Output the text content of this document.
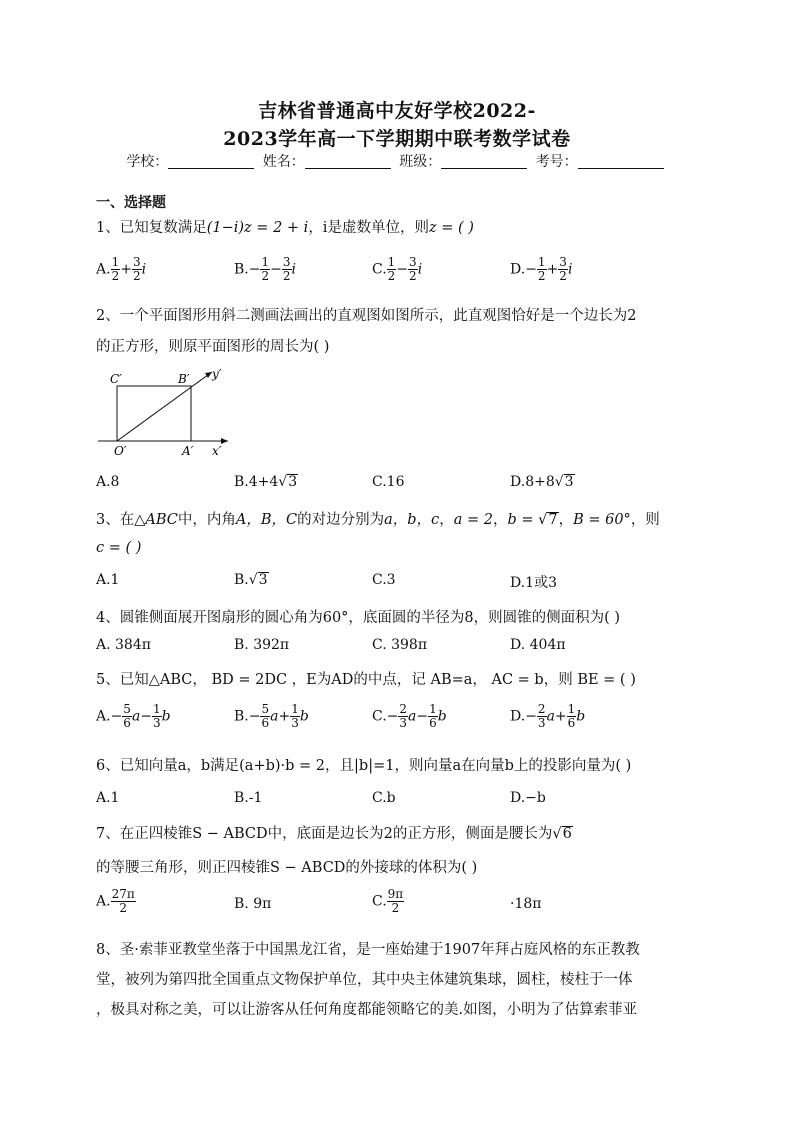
吉林省普通高中友好学校2022-
2023学年高一下学期期中联考数学试卷
学校：	姓名：	班级：	考号：
一、选择题
1、已知复数满足(1−i)z = 2 + i，i是虚数单位，则z = ( )
A. $\frac{1}{2} + \frac{3}{2}$ i	$B.- \frac{1}{2} - \frac{3}{2}$ i	C. $\frac{1}{2} - \frac{3}{2}$ i	$D.- \frac{1}{2} + \frac{3}{2}$ i
2、一个平面图形用斜二测画法画出的直观图如图所示，此直观图恰好是一个边长为2
的正方形，则原平面图形的周长为( )
C′	B′ y′
O′	A′ x′
A.8	B.4+4√3	C.16	D.8+8√3
3、在△ABC中，内角A，B，C的对边分别为a，b，c，a = 2，b = √7，B = 60°，则
c = ( )
A.1	B.√3	C.3	D.1或3
4、圆锥侧面展开图扇形的圆心角为60°，底面圆的半径为8，则圆锥的侧面积为( )
A. 384π	B. 392π	C. 398π	D. 404π
5、已知△ABC， BD = 2DC ，E为AD的中点，记 AB=a， AC = b，则 BE = ( )
$A.- \frac{5}{6} a- \frac{1}{3}$ b	$B.- \frac{5}{6} a+ \frac{1}{3}$ b	$C.- \frac{2}{3} a- \frac{1}{6}$ b	$D.- \frac{2}{3} a+ \frac{1}{6}$ b
6、已知向量a，b满足(a+b)·b = 2，且|b|=1，则向量a在向量b上的投影向量为( )
A.1	B.-1	C.b	D.−b
7、在正四棱锥S − ABCD中，底面是边长为2的正方形，侧面是腰长为√6
的等腰三角形，则正四棱锥S − ABCD的外接球的体积为( )
A. $\frac{27\pi}{2}$	B. 9π	C. $\frac{9\pi}{2}$	·18π
8、圣·索菲亚教堂坐落于中国黑龙江省，是一座始建于1907年拜占庭风格的东正教教
堂，被列为第四批全国重点文物保护单位，其中央主体建筑集球，圆柱，棱柱于一体
，极具对称之美，可以让游客从任何角度都能领略它的美.如图，小明为了估算索菲亚
